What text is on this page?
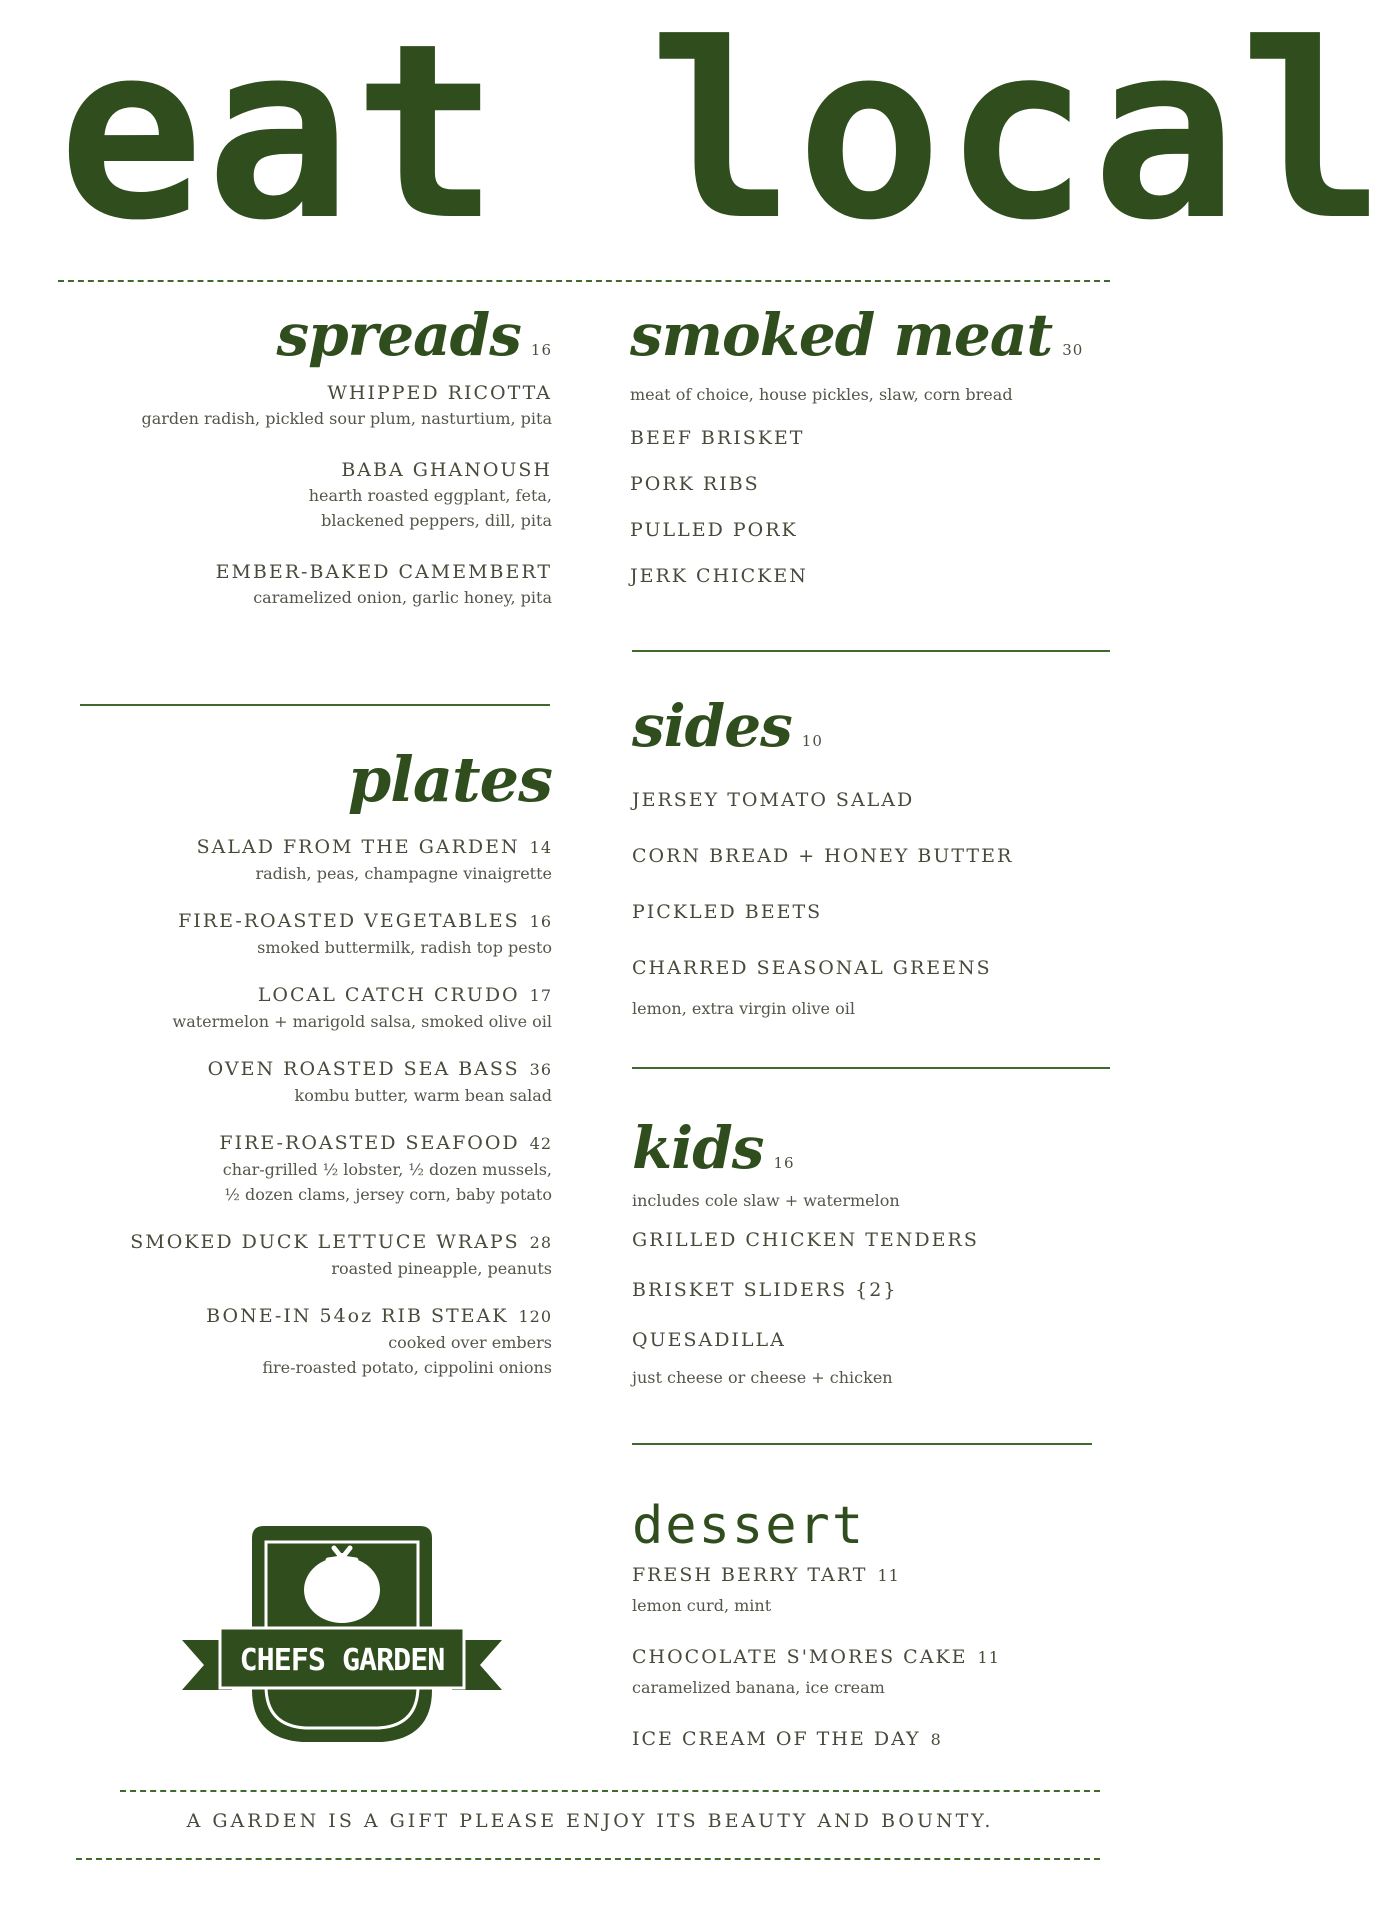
eat local
spreads 16
WHIPPED RICOTTA
garden radish, pickled sour plum, nasturtium, pita
BABA GHANOUSH
hearth roasted eggplant, feta,
blackened peppers, dill, pita
EMBER-BAKED CAMEMBERT
caramelized onion, garlic honey, pita
plates
SALAD FROM THE GARDEN 14
radish, peas, champagne vinaigrette
FIRE-ROASTED VEGETABLES 16
smoked buttermilk, radish top pesto
LOCAL CATCH CRUDO 17
watermelon + marigold salsa, smoked olive oil
OVEN ROASTED SEA BASS 36
kombu butter, warm bean salad
FIRE-ROASTED SEAFOOD 42
char-grilled ½ lobster, ½ dozen mussels,
½ dozen clams, jersey corn, baby potato
SMOKED DUCK LETTUCE WRAPS 28
roasted pineapple, peanuts
BONE-IN 54oz RIB STEAK 120
cooked over embers
fire-roasted potato, cippolini onions
CHEFS GARDEN
smoked meat 30
meat of choice, house pickles, slaw, corn bread
BEEF BRISKET
PORK RIBS
PULLED PORK
JERK CHICKEN
sides 10
JERSEY TOMATO SALAD
CORN BREAD + HONEY BUTTER
PICKLED BEETS
CHARRED SEASONAL GREENS
lemon, extra virgin olive oil
kids 16
includes cole slaw + watermelon
GRILLED CHICKEN TENDERS
BRISKET SLIDERS {2}
QUESADILLA
just cheese or cheese + chicken
dessert
FRESH BERRY TART 11
lemon curd, mint
CHOCOLATE S'MORES CAKE 11
caramelized banana, ice cream
ICE CREAM OF THE DAY 8
A GARDEN IS A GIFT PLEASE ENJOY ITS BEAUTY AND BOUNTY.
